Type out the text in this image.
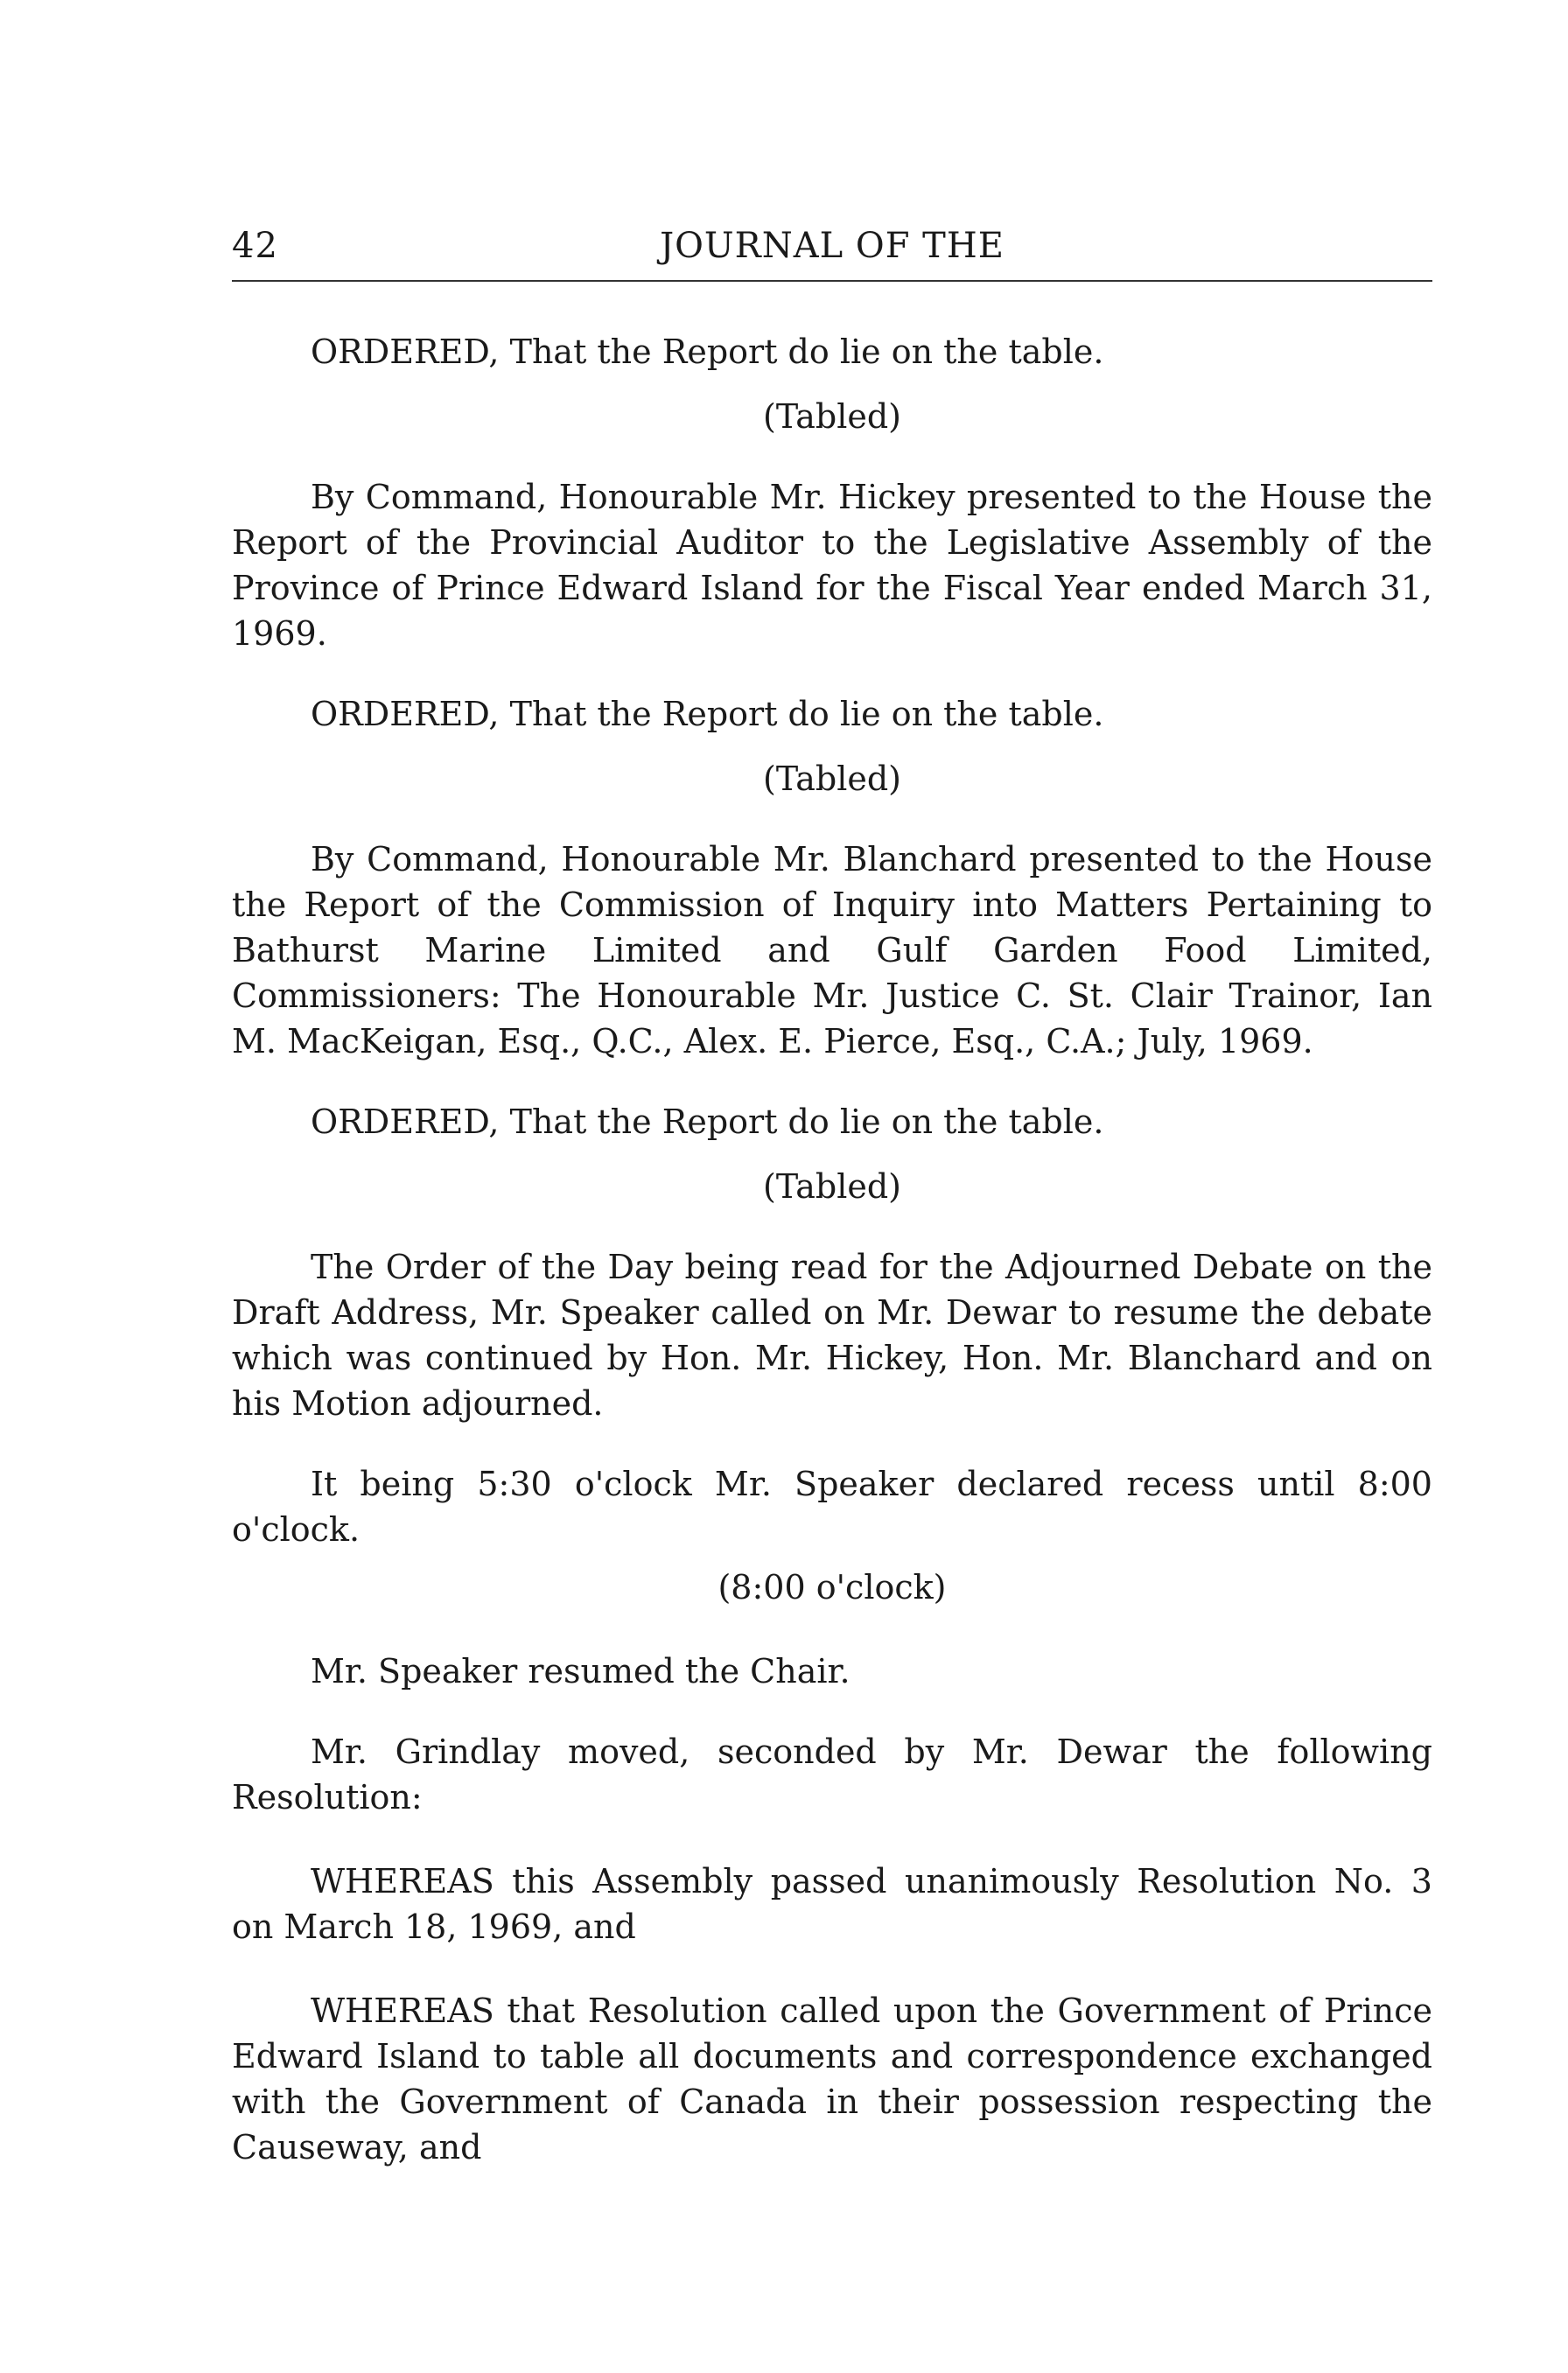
42	JOURNAL OF THE

ORDERED, That the Report do lie on the table.

(Tabled)

By Command, Honourable Mr. Hickey presented to the House the Report of the Provincial Auditor to the Legislative Assembly of the Province of Prince Edward Island for the Fiscal Year ended March 31, 1969.

ORDERED, That the Report do lie on the table.

(Tabled)

By Command, Honourable Mr. Blanchard presented to the House the Report of the Commission of Inquiry into Matters Pertaining to Bathurst Marine Limited and Gulf Garden Food Limited, Commissioners: The Honourable Mr. Justice C. St. Clair Trainor, Ian M. MacKeigan, Esq., Q.C., Alex. E. Pierce, Esq., C.A.; July, 1969.

ORDERED, That the Report do lie on the table.

(Tabled)

The Order of the Day being read for the Adjourned Debate on the Draft Address, Mr. Speaker called on Mr. Dewar to resume the debate which was continued by Hon. Mr. Hickey, Hon. Mr. Blanchard and on his Motion adjourned.

It being 5:30 o'clock Mr. Speaker declared recess until 8:00 o'clock.

(8:00 o'clock)

Mr. Speaker resumed the Chair.

Mr. Grindlay moved, seconded by Mr. Dewar the following Resolution:

WHEREAS this Assembly passed unanimously Resolution No. 3 on March 18, 1969, and

WHEREAS that Resolution called upon the Government of Prince Edward Island to table all documents and correspondence exchanged with the Government of Canada in their possession respecting the Causeway, and
